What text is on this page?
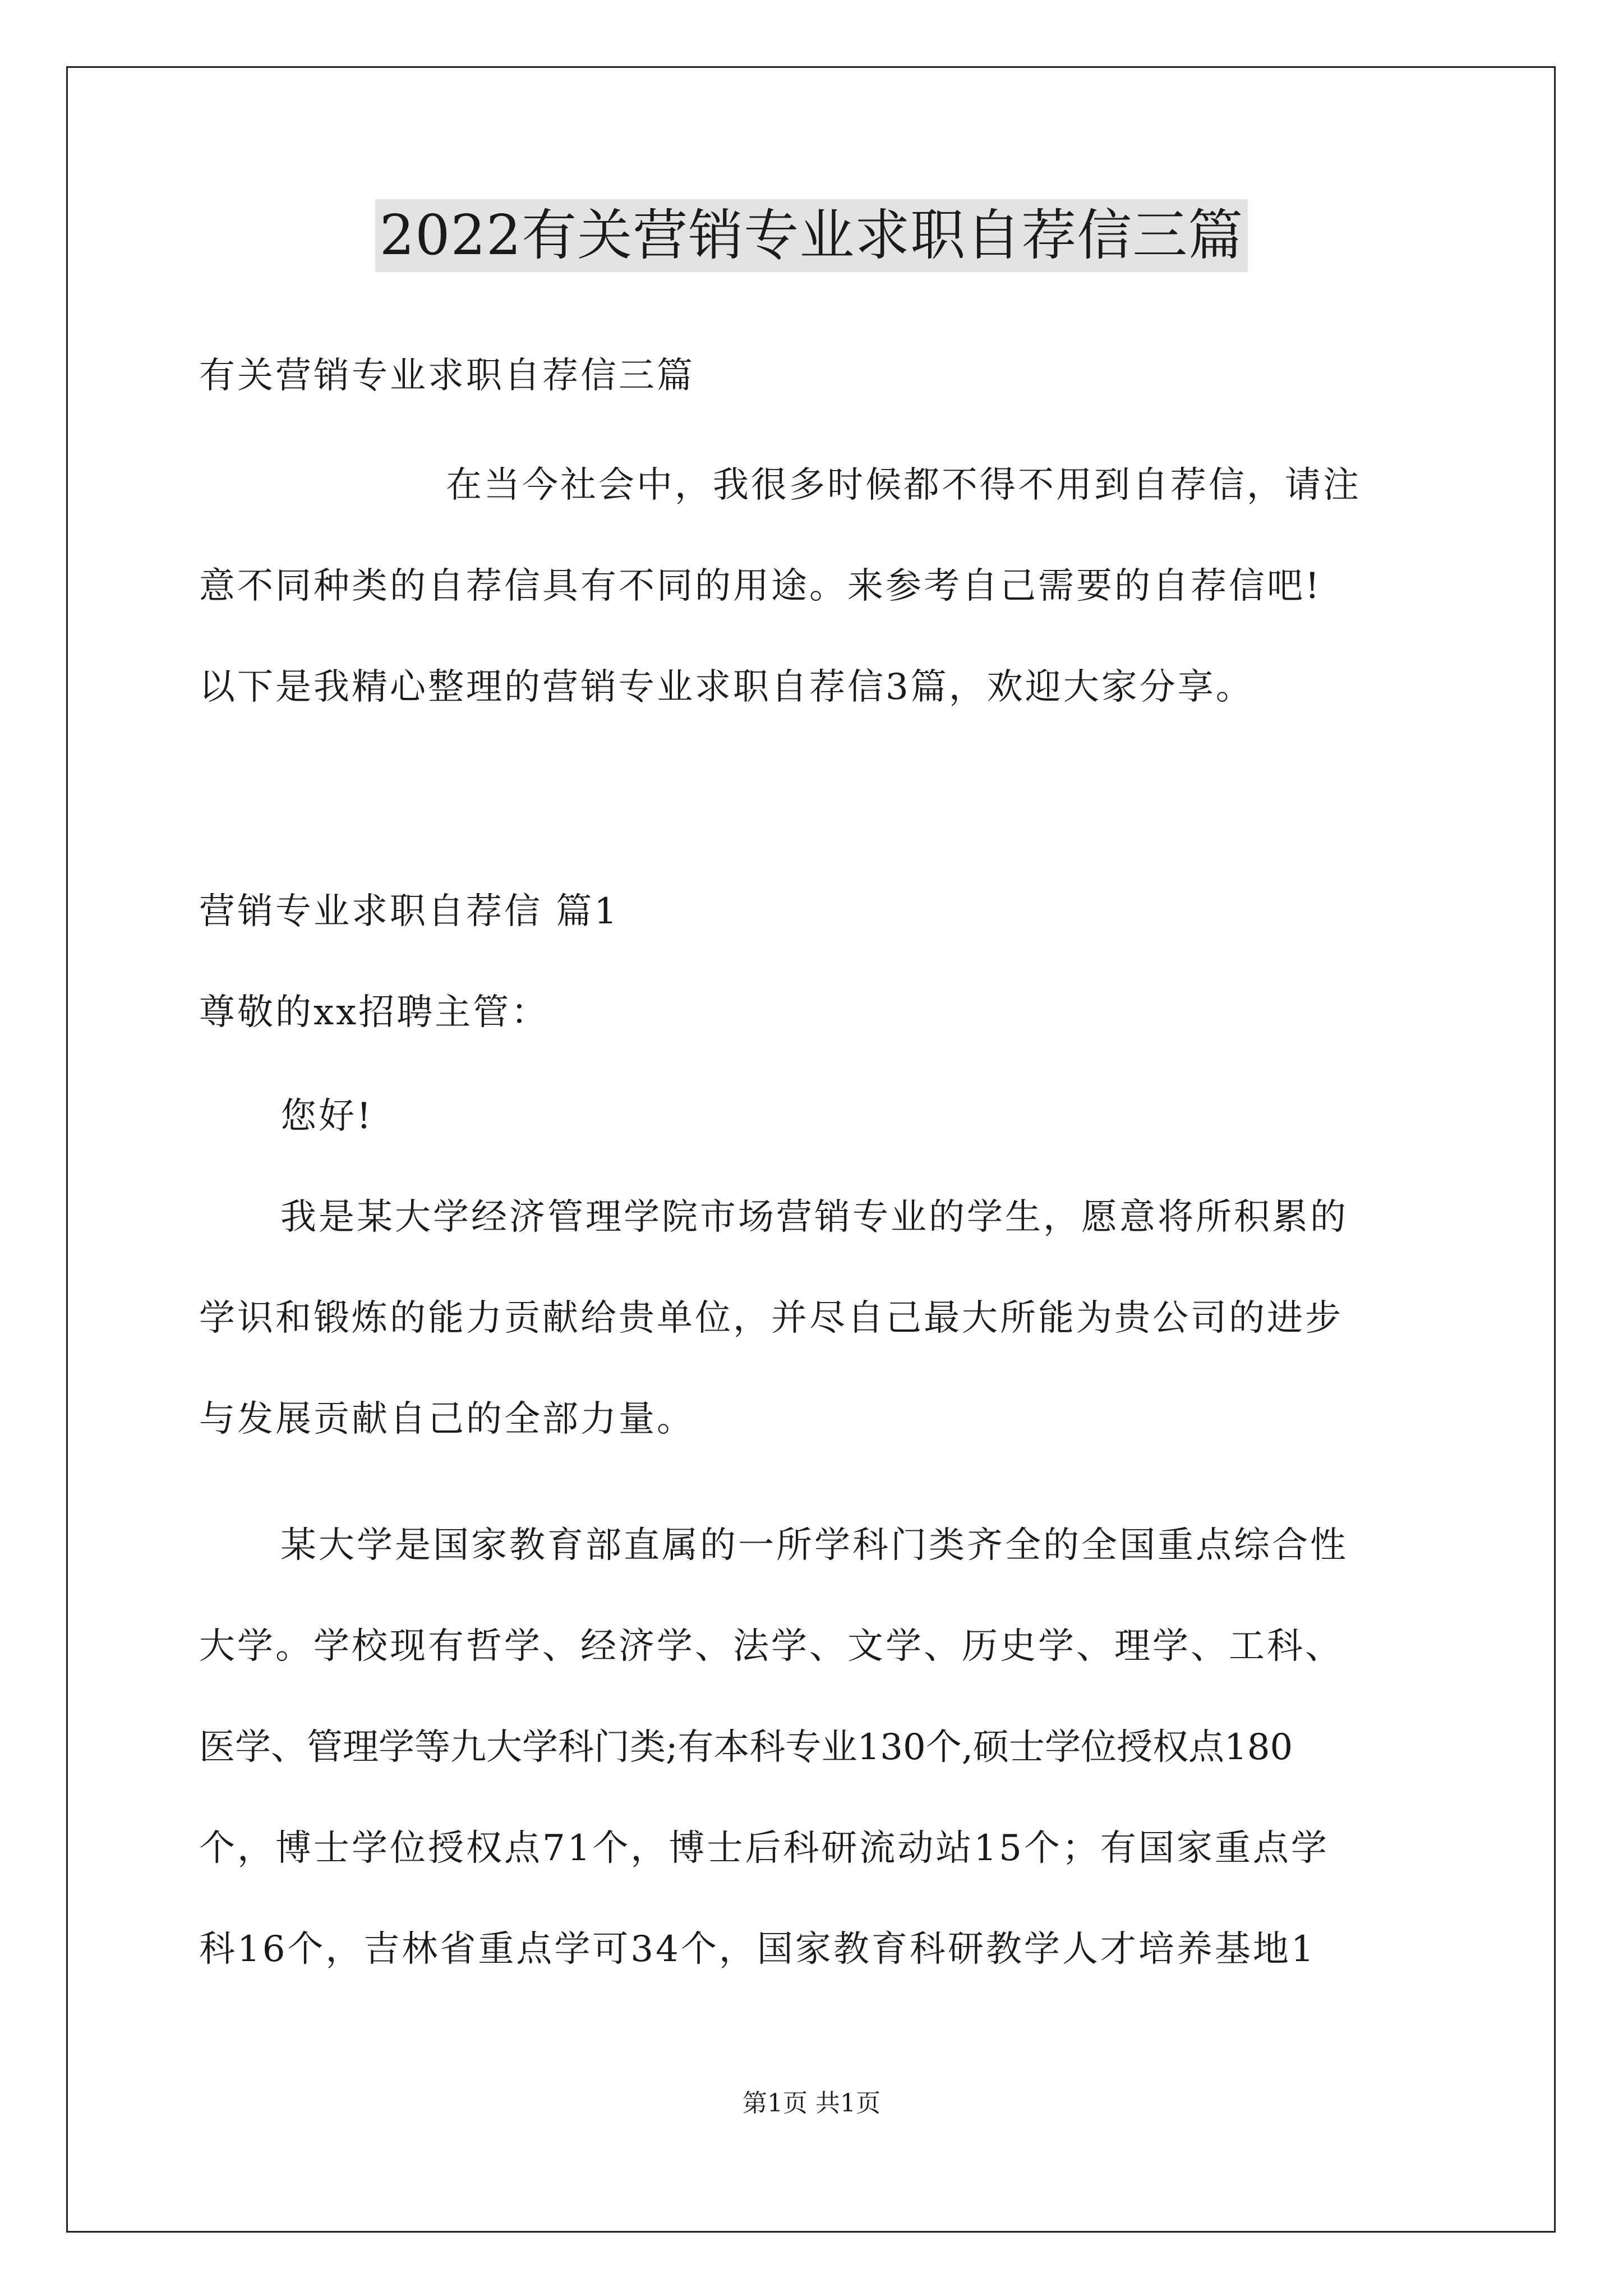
2022有关营销专业求职自荐信三篇
有关营销专业求职自荐信三篇
在当今社会中，我很多时候都不得不用到自荐信，请注
意不同种类的自荐信具有不同的用途。来参考自己需要的自荐信吧!
以下是我精心整理的营销专业求职自荐信3篇，欢迎大家分享。
营销专业求职自荐信 篇1
尊敬的xx招聘主管：
您好!
我是某大学经济管理学院市场营销专业的学生，愿意将所积累的
学识和锻炼的能力贡献给贵单位，并尽自己最大所能为贵公司的进步
与发展贡献自己的全部力量。
某大学是国家教育部直属的一所学科门类齐全的全国重点综合性
大学。学校现有哲学、经济学、法学、文学、历史学、理学、工科、
医学、管理学等九大学科门类;有本科专业130个,硕士学位授权点180
个，博士学位授权点71个，博士后科研流动站15个；有国家重点学
科16个，吉林省重点学可34个，国家教育科研教学人才培养基地1
第1页 共1页
